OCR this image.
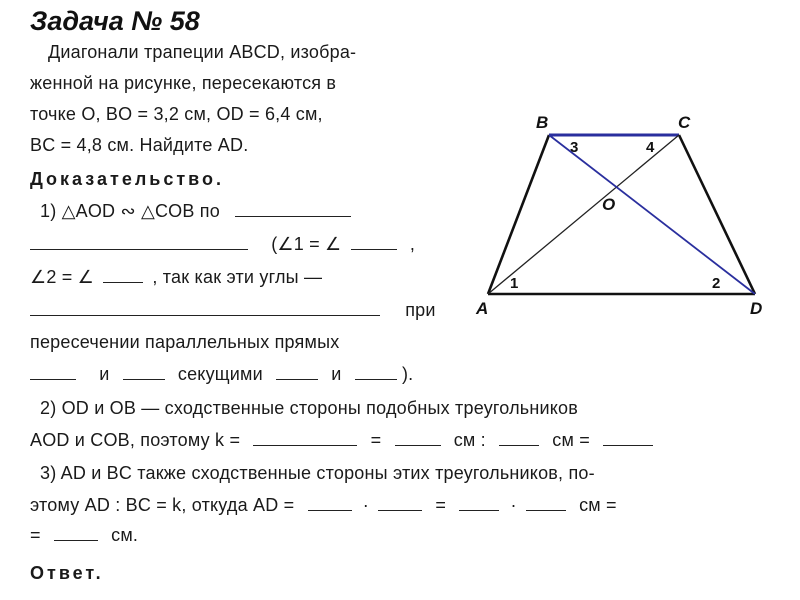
Задача № 58
Диагонали трапеции ABCD, изобра-
женной на рисунке, пересекаются в
точке O, BO = 3,2 см, OD = 6,4 см,
BC = 4,8 см. Найдите AD.
Доказательство.
1) △AOD ∾ △COB по
(∠1 = ∠	,
∠2 = ∠	, так как эти углы —
при
пересечении параллельных прямых
и	секущими	и	).
2) OD и OB — сходственные стороны подобных треугольников
AOD и COB, поэтому k =	=	см :	см =
3) AD и BC также сходственные стороны этих треугольников, по-
этому AD : BC = k, откуда AD =	·	=	·	см =
=	см.
Ответ.
B	C
A	D
O
3	4
1	2
